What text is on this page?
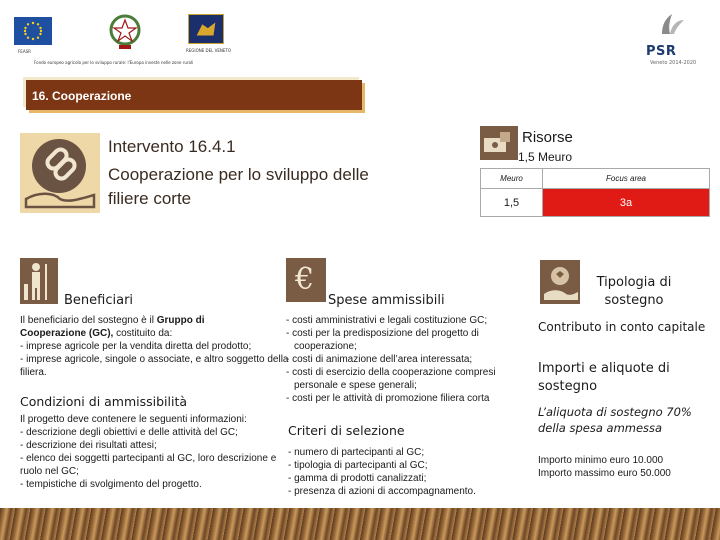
FEASR	REGIONE DEL VENETO
Fondo europeo agricolo per lo sviluppo rurale: l'Europa investe nelle zone rurali
PSR
Veneto 2014-2020
16. Cooperazione
Intervento 16.4.1
Cooperazione per lo sviluppo delle filiere corte
Risorse
1,5 Meuro
Meuro	Focus area
1,5	3a
Beneficiari
Il beneficiario del sostegno è il Gruppo di
Cooperazione (GC), costituito da:
- imprese agricole per la vendita diretta del prodotto;
- imprese agricole, singole o associate, e altro soggetto della filiera.
Condizioni di ammissibilità
Il progetto deve contenere le seguenti informazioni:
- descrizione degli obiettivi e delle attività del GC;
- descrizione dei risultati attesi;
- elenco dei soggetti partecipanti al GC, loro descrizione e ruolo nel GC;
- tempistiche di svolgimento del progetto.
€
Spese ammissibili
- costi amministrativi e legali costituzione GC;
- costi per la predisposizione del progetto di cooperazione;
- costi di animazione dell’area interessata;
- costi di esercizio della cooperazione compresi personale e spese generali;
- costi per le attività di promozione filiera corta
Criteri di selezione
- numero di partecipanti al GC;
- tipologia di partecipanti al GC;
- gamma di prodotti canalizzati;
- presenza di azioni di accompagnamento.
Tipologia di sostegno
Contributo in conto capitale
Importi e aliquote di sostegno
L’aliquota di sostegno 70% della spesa ammessa
Importo minimo euro 10.000
Importo massimo euro 50.000
